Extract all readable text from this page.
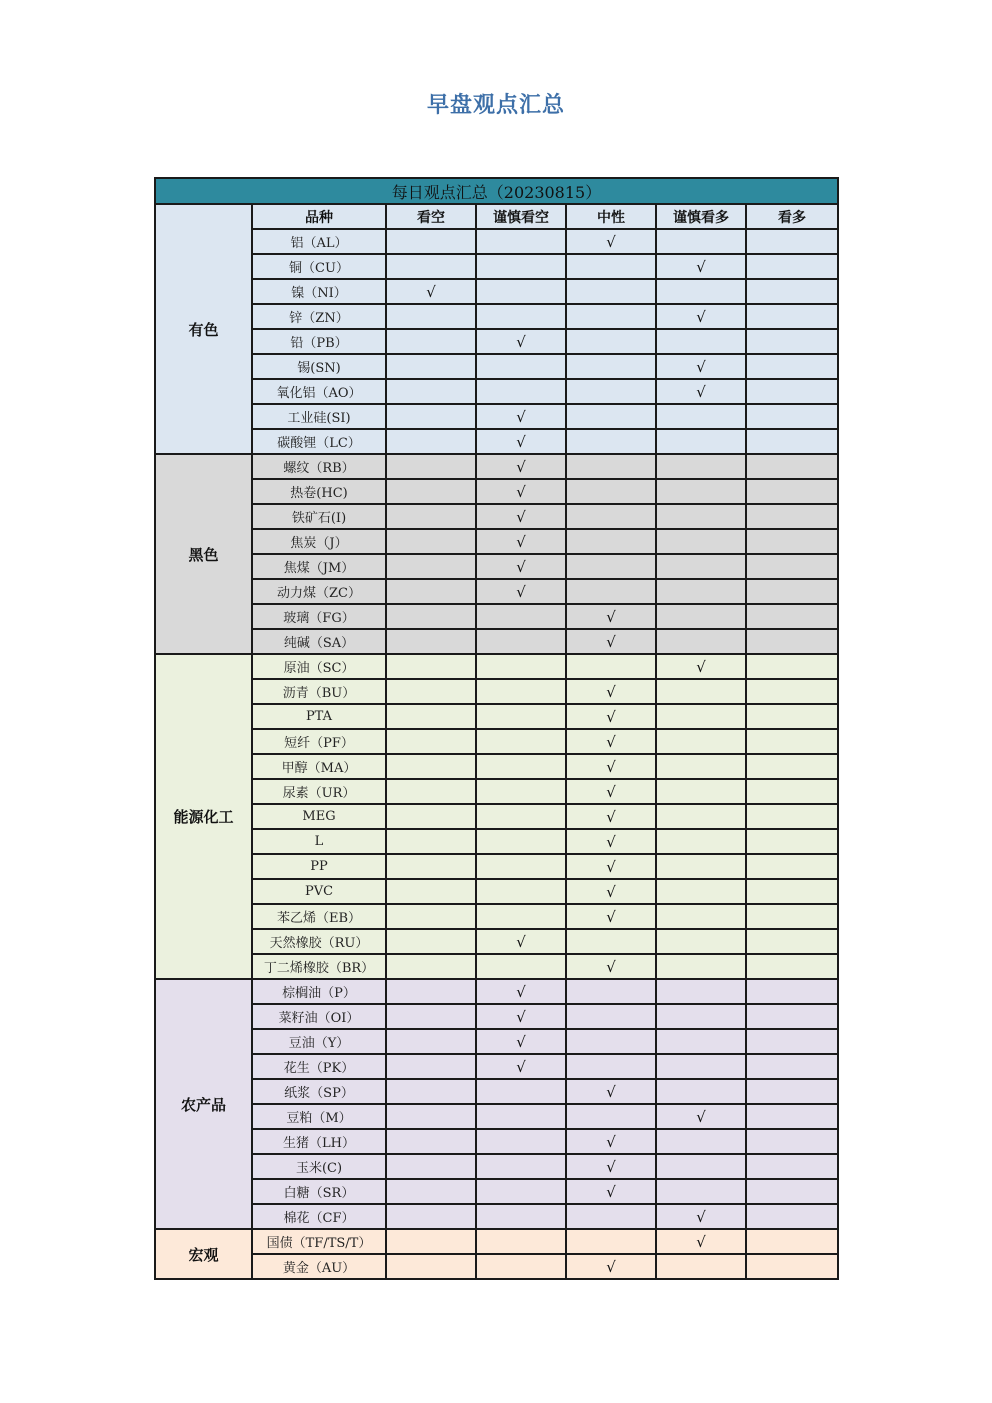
早盘观点汇总
每日观点汇总（20230815）						
有色	品种	看空	谨慎看空	中性	谨慎看多	看多
	铝（AL）			√		
	铜（CU）				√	
	镍（NI）	√				
	锌（ZN）				√	
	铅（PB）		√			
	锡(SN)				√	
	氧化铝（AO）				√	
	工业硅(SI)		√			
	碳酸锂（LC）		√			
黑色	螺纹（RB）		√			
	热卷(HC)		√			
	铁矿石(I)		√			
	焦炭（J）		√			
	焦煤（JM）		√			
	动力煤（ZC）		√			
	玻璃（FG）			√		
	纯碱（SA）			√		
能源化工	原油（SC）				√	
	沥青（BU）			√		
	PTA			√		
	短纤（PF）			√		
	甲醇（MA）			√		
	尿素（UR）			√		
	MEG			√		
	L			√		
	PP			√		
	PVC			√		
	苯乙烯（EB）			√		
	天然橡胶（RU）		√			
	丁二烯橡胶（BR）			√		
农产品	棕榈油（P）		√			
	菜籽油（OI）		√			
	豆油（Y）		√			
	花生（PK）		√			
	纸浆（SP）			√		
	豆粕（M）				√	
	生猪（LH）			√		
	玉米(C)			√		
	白糖（SR）			√		
	棉花（CF）				√	
宏观	国债（TF/TS/T）				√	
	黄金（AU）			√		
